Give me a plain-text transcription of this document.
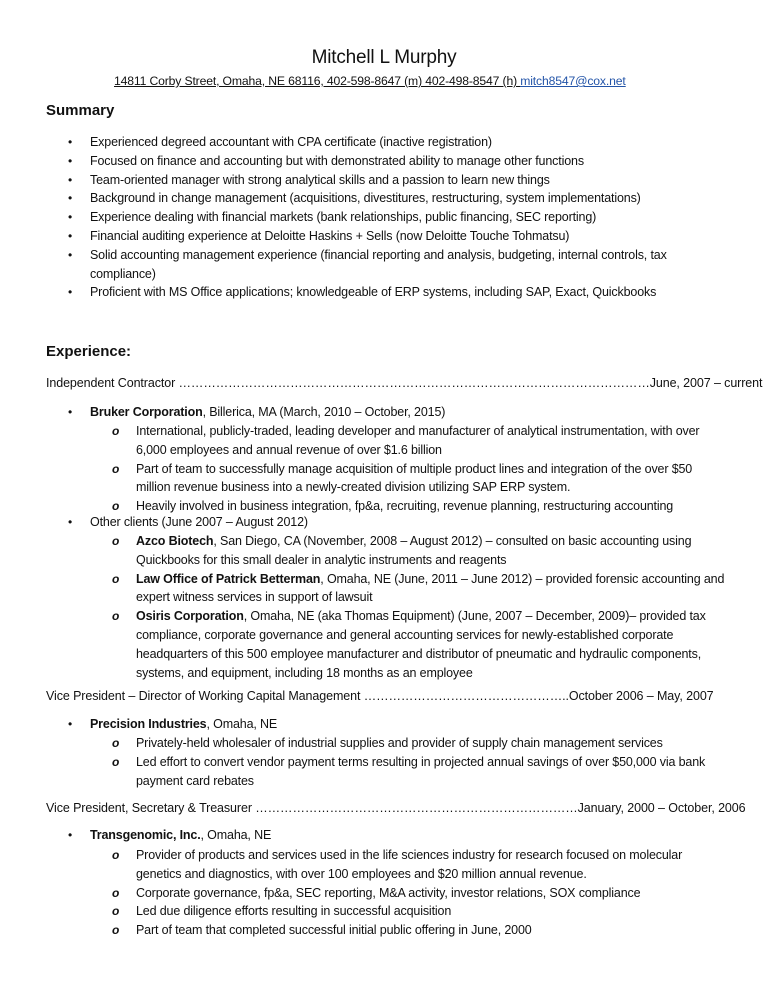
Mitchell L Murphy
14811 Corby Street, Omaha, NE 68116, 402-598-8647 (m) 402-498-8547 (h) mitch8547@cox.net
Summary
• Experienced degreed accountant with CPA certificate (inactive registration)
• Focused on finance and accounting but with demonstrated ability to manage other functions
• Team-oriented manager with strong analytical skills and a passion to learn new things
• Background in change management (acquisitions, divestitures, restructuring, system implementations)
• Experience dealing with financial markets (bank relationships, public financing, SEC reporting)
• Financial auditing experience at Deloitte Haskins + Sells (now Deloitte Touche Tohmatsu)
• Solid accounting management experience (financial reporting and analysis, budgeting, internal controls, tax compliance)
• Proficient with MS Office applications; knowledgeable of ERP systems, including SAP, Exact, Quickbooks
Experience:
Independent Contractor ……………………………………………………………………………………………………June, 2007 – current
• Bruker Corporation, Billerica, MA (March, 2010 – October, 2015)
o International, publicly-traded, leading developer and manufacturer of analytical instrumentation, with over 6,000 employees and annual revenue of over $1.6 billion
o Part of team to successfully manage acquisition of multiple product lines and integration of the over $50 million revenue business into a newly-created division utilizing SAP ERP system.
o Heavily involved in business integration, fp&a, recruiting, revenue planning, restructuring accounting
• Other clients (June 2007 – August 2012)
o Azco Biotech, San Diego, CA (November, 2008 – August 2012) – consulted on basic accounting using Quickbooks for this small dealer in analytic instruments and reagents
o Law Office of Patrick Betterman, Omaha, NE (June, 2011 – June 2012) – provided forensic accounting and expert witness services in support of lawsuit
o Osiris Corporation, Omaha, NE (aka Thomas Equipment) (June, 2007 – December, 2009)– provided tax compliance, corporate governance and general accounting services for newly-established corporate headquarters of this 500 employee manufacturer and distributor of pneumatic and hydraulic components, systems, and equipment, including 18 months as an employee
Vice President – Director of Working Capital Management …………………………………………..October 2006 – May, 2007
• Precision Industries, Omaha, NE
o Privately-held wholesaler of industrial supplies and provider of supply chain management services
o Led effort to convert vendor payment terms resulting in projected annual savings of over $50,000 via bank payment card rebates
Vice President, Secretary & Treasurer ……………………………………………………………………January, 2000 – October, 2006
• Transgenomic, Inc., Omaha, NE
o Provider of products and services used in the life sciences industry for research focused on molecular genetics and diagnostics, with over 100 employees and $20 million annual revenue.
o Corporate governance, fp&a, SEC reporting, M&A activity, investor relations, SOX compliance
o Led due diligence efforts resulting in successful acquisition
o Part of team that completed successful initial public offering in June, 2000
